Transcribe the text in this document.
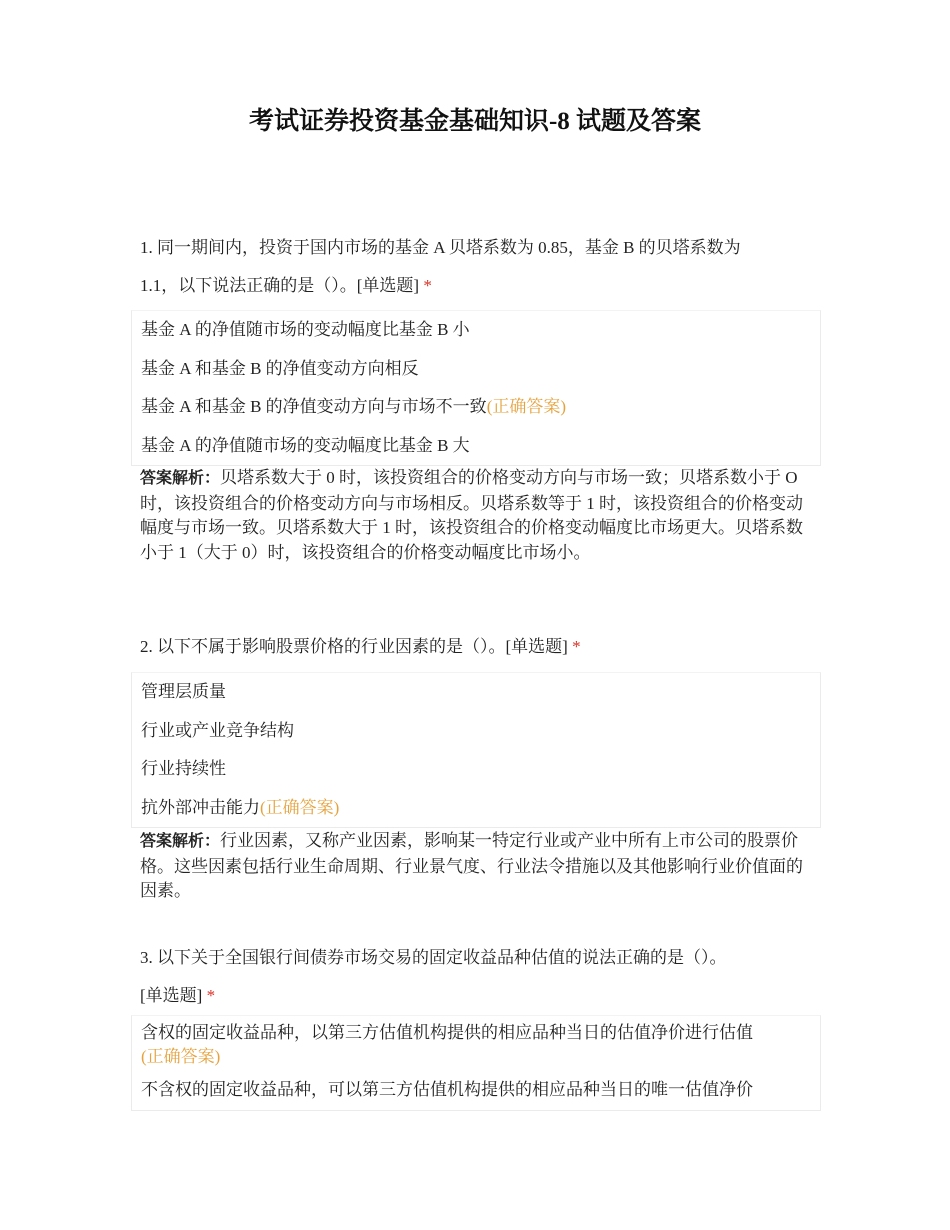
考试证券投资基金基础知识-8 试题及答案
1. 同一期间内，投资于国内市场的基金 A 贝塔系数为 0.85，基金 B 的贝塔系数为
1.1，以下说法正确的是（）。[单选题] *
基金 A 的净值随市场的变动幅度比基金 B 小
基金 A 和基金 B 的净值变动方向相反
基金 A 和基金 B 的净值变动方向与市场不一致(正确答案)
基金 A 的净值随市场的变动幅度比基金 B 大
答案解析：贝塔系数大于 0 时，该投资组合的价格变动方向与市场一致；贝塔系数小于 O 时，该投资组合的价格变动方向与市场相反。贝塔系数等于 1 时，该投资组合的价格变动幅度与市场一致。贝塔系数大于 1 时，该投资组合的价格变动幅度比市场更大。贝塔系数小于 1（大于 0）时，该投资组合的价格变动幅度比市场小。
2. 以下不属于影响股票价格的行业因素的是（）。[单选题] *
管理层质量
行业或产业竞争结构
行业持续性
抗外部冲击能力(正确答案)
答案解析：行业因素，又称产业因素，影响某一特定行业或产业中所有上市公司的股票价格。这些因素包括行业生命周期、行业景气度、行业法令措施以及其他影响行业价值面的因素。
3. 以下关于全国银行间债券市场交易的固定收益品种估值的说法正确的是（）。
[单选题] *
含权的固定收益品种，以第三方估值机构提供的相应品种当日的估值净价进行估值
(正确答案)
不含权的固定收益品种，可以第三方估值机构提供的相应品种当日的唯一估值净价
